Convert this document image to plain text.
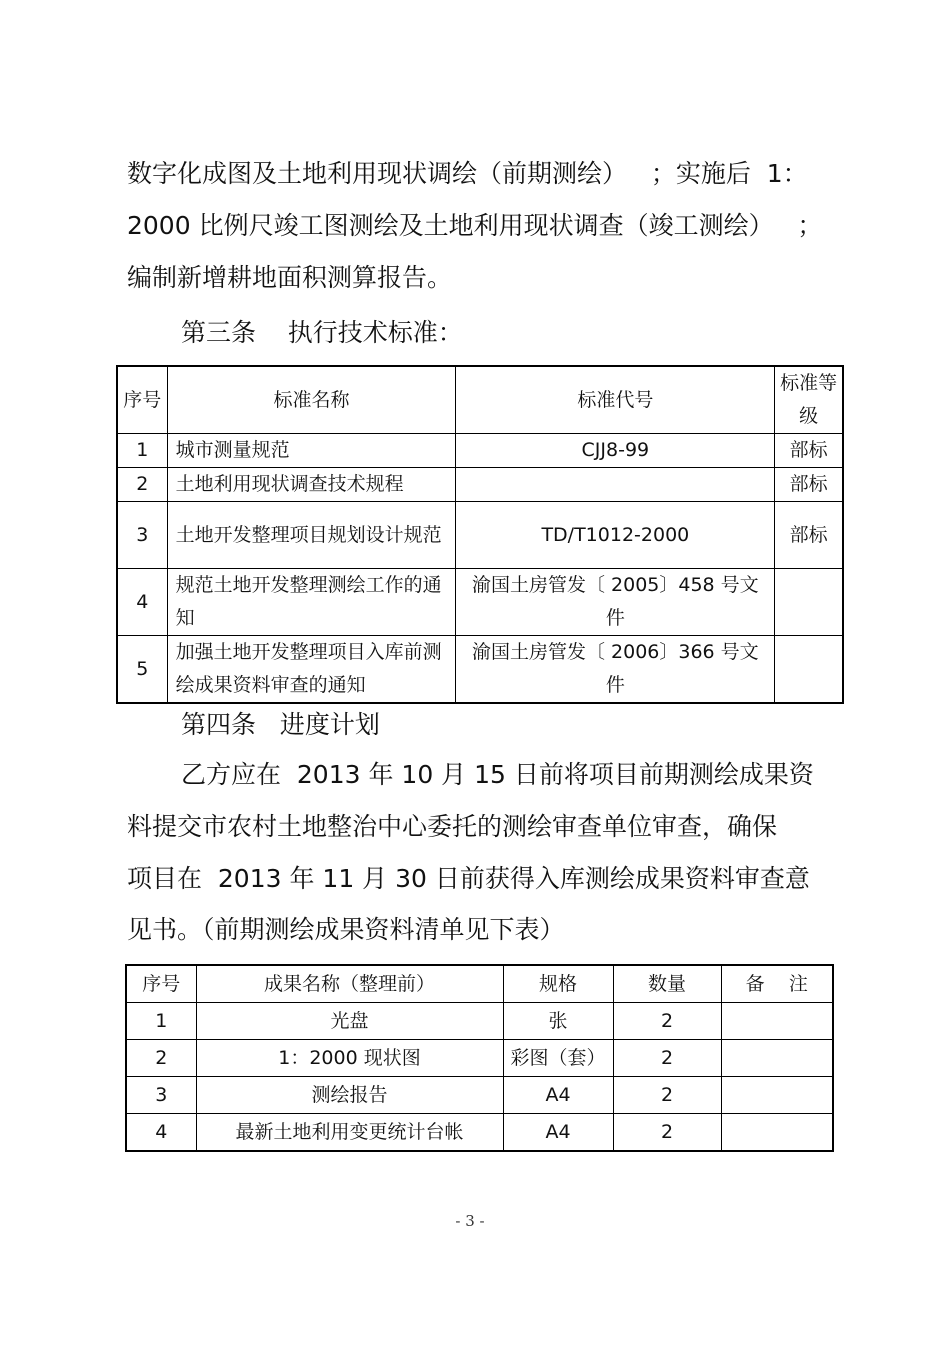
数字化成图及土地利用现状调绘（前期测绘）   ；实施后  1：
2000 比例尺竣工图测绘及土地利用现状调查（竣工测绘）   ；
编制新增耕地面积测算报告。
第三条    执行技术标准：
序号	标准名称	标准代号	标准等级
1	城市测量规范	CJJ8-99	部标
2	土地利用现状调查技术规程		部标
3	土地开发整理项目规划设计规范	TD/T1012-2000	部标
4	规范土地开发整理测绘工作的通知	渝国土房管发〔 2005〕458 号文件	
5	加强土地开发整理项目入库前测绘成果资料审查的通知	渝国土房管发〔 2006〕366 号文件	
第四条   进度计划
乙方应在  2013 年 10 月 15 日前将项目前期测绘成果资
料提交市农村土地整治中心委托的测绘审查单位审查，确保
项目在  2013 年 11 月 30 日前获得入库测绘成果资料审查意
见书。（前期测绘成果资料清单见下表）
序号	成果名称（整理前）	规格	数量	备    注
1	光盘	张	2	
2	1：2000 现状图	彩图（套）	2	
3	测绘报告	A4	2	
4	最新土地利用变更统计台帐	A4	2	
- 3 -
